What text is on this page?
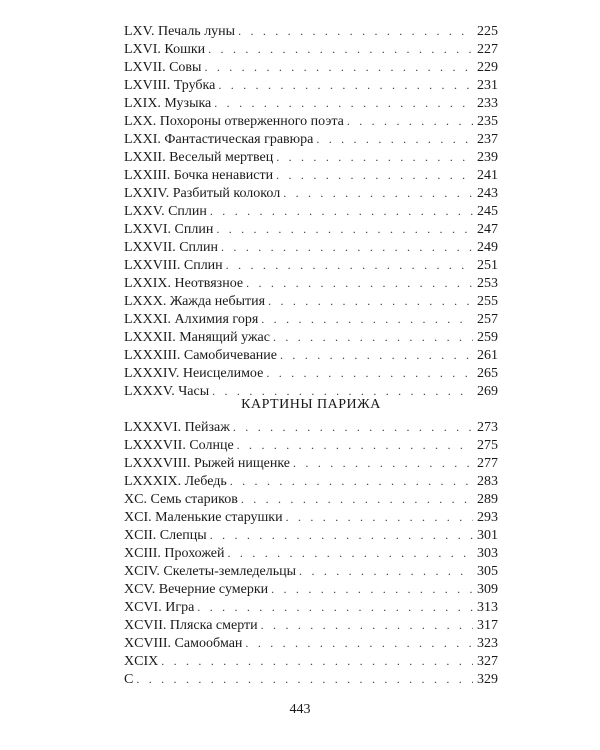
LXV. Печаль луны . . .	225
LXVI. Кошки . . .	227
LXVII. Совы . . .	229
LXVIII. Трубка . . .	231
LXIX. Музыка . . .	233
LXX. Похороны отверженного поэта . . .	235
LXXI. Фантастическая гравюра . . .	237
LXXII. Веселый мертвец . . .	239
LXXIII. Бочка ненависти . . .	241
LXXIV. Разбитый колокол . . .	243
LXXV. Сплин . . .	245
LXXVI. Сплин . . .	247
LXXVII. Сплин . . .	249
LXXVIII. Сплин . . .	251
LXXIX. Неотвязное . . .	253
LXXX. Жажда небытия . . .	255
LXXXI. Алхимия горя . . .	257
LXXXII. Манящий ужас . . .	259
LXXXIII. Самобичевание . . .	261
LXXXIV. Неисцелимое . . .	265
LXXXV. Часы . . .	269
КАРТИНЫ ПАРИЖА
LXXXVI. Пейзаж . . .	273
LXXXVII. Солнце . . .	275
LXXXVIII. Рыжей нищенке . . .	277
LXXXIX. Лебедь . . .	283
XC. Семь стариков . . .	289
XCI. Маленькие старушки . . .	293
XCII. Слепцы . . .	301
XCIII. Прохожей . . .	303
XCIV. Скелеты-земледельцы . . .	305
XCV. Вечерние сумерки . . .	309
XCVI. Игра . . .	313
XCVII. Пляска смерти . . .	317
XCVIII. Самообман . . .	323
XCIX . . .	327
C . . .	329
443
